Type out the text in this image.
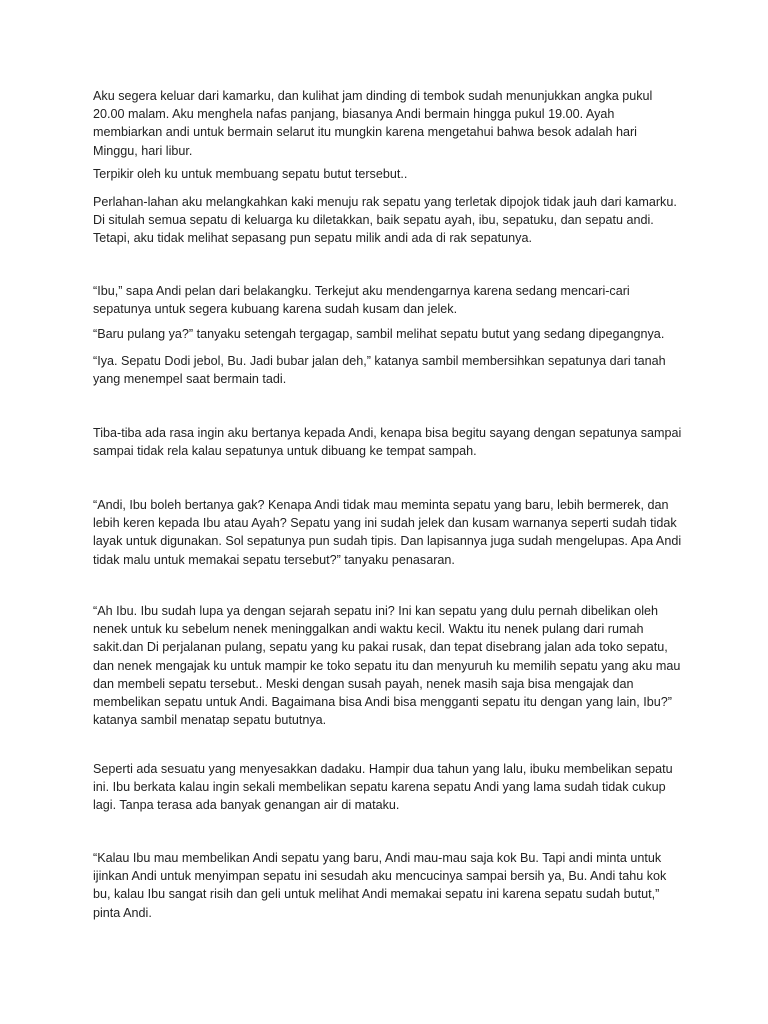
Aku segera keluar dari kamarku, dan kulihat jam dinding di tembok sudah menunjukkan angka pukul 20.00 malam. Aku menghela nafas panjang, biasanya Andi bermain hingga pukul 19.00. Ayah membiarkan andi untuk bermain selarut itu mungkin karena mengetahui bahwa besok adalah hari Minggu, hari libur.

Terpikir oleh ku untuk membuang sepatu butut tersebut..

Perlahan-lahan aku melangkahkan kaki menuju rak sepatu yang terletak dipojok tidak jauh dari kamarku. Di situlah semua sepatu di keluarga ku diletakkan, baik sepatu ayah, ibu, sepatuku, dan sepatu andi. Tetapi, aku tidak melihat sepasang pun sepatu milik andi ada di rak sepatunya.

“Ibu,” sapa Andi pelan dari belakangku. Terkejut aku mendengarnya karena sedang mencari-cari sepatunya untuk segera kubuang karena sudah kusam dan jelek.

“Baru pulang ya?” tanyaku setengah tergagap, sambil melihat sepatu butut yang sedang dipegangnya.

“Iya. Sepatu Dodi jebol, Bu. Jadi bubar jalan deh,” katanya sambil membersihkan sepatunya dari tanah yang menempel saat bermain tadi.

Tiba-tiba ada rasa ingin aku bertanya kepada Andi, kenapa bisa begitu sayang dengan sepatunya sampai sampai tidak rela kalau sepatunya untuk dibuang ke tempat sampah.

“Andi, Ibu boleh bertanya gak? Kenapa Andi tidak mau meminta sepatu yang baru, lebih bermerek, dan lebih keren kepada Ibu atau Ayah? Sepatu yang ini sudah jelek dan kusam warnanya seperti sudah tidak layak untuk digunakan. Sol sepatunya pun sudah tipis. Dan lapisannya juga sudah mengelupas. Apa Andi tidak malu untuk memakai sepatu tersebut?” tanyaku penasaran.

“Ah Ibu. Ibu sudah lupa ya dengan sejarah sepatu ini? Ini kan sepatu yang dulu pernah dibelikan oleh nenek untuk ku sebelum nenek meninggalkan andi waktu kecil. Waktu itu nenek pulang dari rumah sakit.dan Di perjalanan pulang, sepatu yang ku pakai rusak, dan tepat disebrang jalan ada toko sepatu, dan nenek mengajak ku untuk mampir ke toko sepatu itu dan menyuruh ku memilih sepatu yang aku mau dan membeli sepatu tersebut.. Meski dengan susah payah, nenek masih saja bisa mengajak dan membelikan sepatu untuk Andi. Bagaimana bisa Andi bisa mengganti sepatu itu dengan yang lain, Ibu?” katanya sambil menatap sepatu bututnya.

Seperti ada sesuatu yang menyesakkan dadaku. Hampir dua tahun yang lalu, ibuku membelikan sepatu ini. Ibu berkata kalau ingin sekali membelikan sepatu karena sepatu Andi yang lama sudah tidak cukup lagi. Tanpa terasa ada banyak genangan air di mataku.

“Kalau Ibu mau membelikan Andi sepatu yang baru, Andi mau-mau saja kok Bu. Tapi andi minta untuk ijinkan Andi untuk menyimpan sepatu ini sesudah aku mencucinya sampai bersih ya, Bu. Andi tahu kok bu, kalau Ibu sangat risih dan geli untuk melihat Andi memakai sepatu ini karena sepatu sudah butut,” pinta Andi.
